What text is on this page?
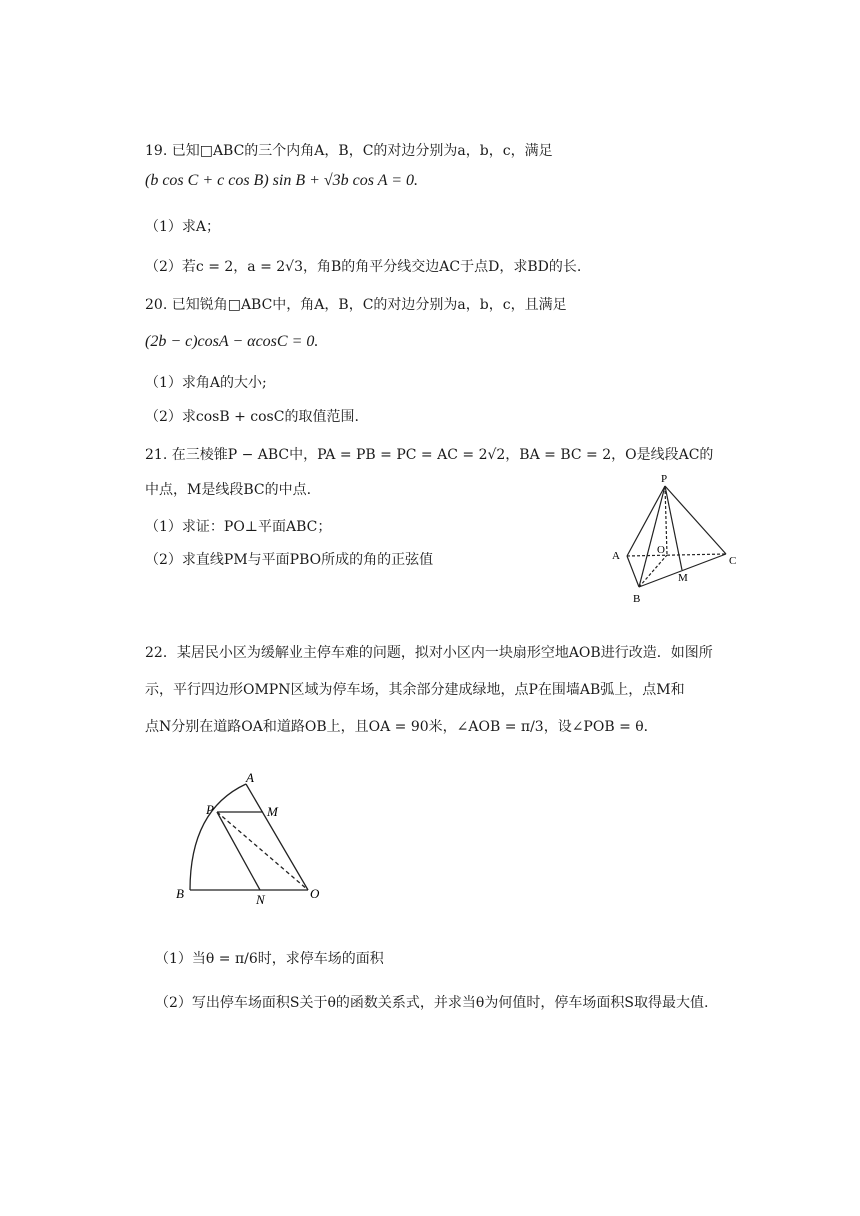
19. 已知□ABC的三个内角A，B，C的对边分别为a，b，c，满足
(b cos C + c cos B) sin B + √3b cos A = 0.
（1）求A；
（2）若c = 2，a = 2√3，角B的角平分线交边AC于点D，求BD的长.
20. 已知锐角□ABC中，角A，B，C的对边分别为a，b，c，且满足
(2b − c)cosA − αcosC = 0.
（1）求角A的大小;
（2）求cosB + cosC的取值范围.
21. 在三棱锥P − ABC中，PA = PB = PC = AC = 2√2，BA = BC = 2，O是线段AC的
中点，M是线段BC的中点.
（1）求证：PO⊥平面ABC；
（2）求直线PM与平面PBO所成的角的正弦值
P
A
B
C
O
M
22．某居民小区为缓解业主停车难的问题，拟对小区内一块扇形空地AOB进行改造．如图所
示，平行四边形OMPN区域为停车场，其余部分建成绿地，点P在围墙AB弧上，点M和
点N分别在道路OA和道路OB上，且OA = 90米，∠AOB = π/3，设∠POB = θ．
A
P	M
B	N	O
（1）当θ = π/6时，求停车场的面积
（2）写出停车场面积S关于θ的函数关系式，并求当θ为何值时，停车场面积S取得最大值.
